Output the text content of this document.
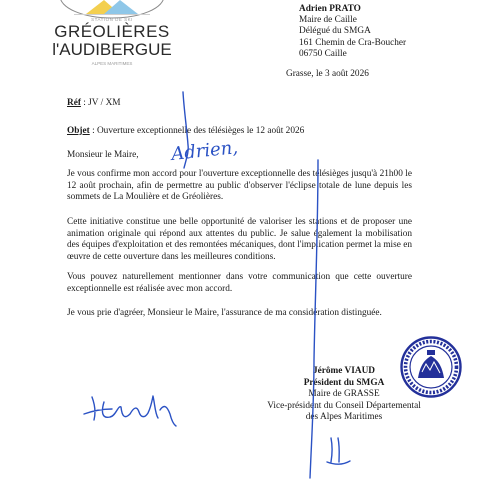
STATION DE SKI
GRÉOLIÈRES
l'AUDIBERGUE
ALPES MARITIMES
Adrien PRATO
Maire de Caille
Délégué du SMGA
161 Chemin de Cra-Boucher
06750 Caille
Grasse, le 3 août 2026
Réf : JV / XM
Objet : Ouverture exceptionnelle des télésièges le 12 août 2026
Monsieur le Maire,

Je vous confirme mon accord pour l'ouverture exceptionnelle des télésièges jusqu'à 21h00 le 12 août prochain, afin de permettre au public d'observer l'éclipse totale de lune depuis les sommets de La Moulière et de Gréolières.

Cette initiative constitue une belle opportunité de valoriser les stations et de proposer une animation originale qui répond aux attentes du public. Je salue également la mobilisation des équipes d'exploitation et des remontées mécaniques, dont l'implication permet la mise en œuvre de cette ouverture dans les meilleures conditions.

Vous pouvez naturellement mentionner dans votre communication que cette ouverture exceptionnelle est réalisée avec mon accord.

Je vous prie d'agréer, Monsieur le Maire, l'assurance de ma considération distinguée.

Jérôme VIAUD
Président du SMGA
Maire de GRASSE
Vice-président du Conseil Départemental
des Alpes Maritimes
Adrien,
